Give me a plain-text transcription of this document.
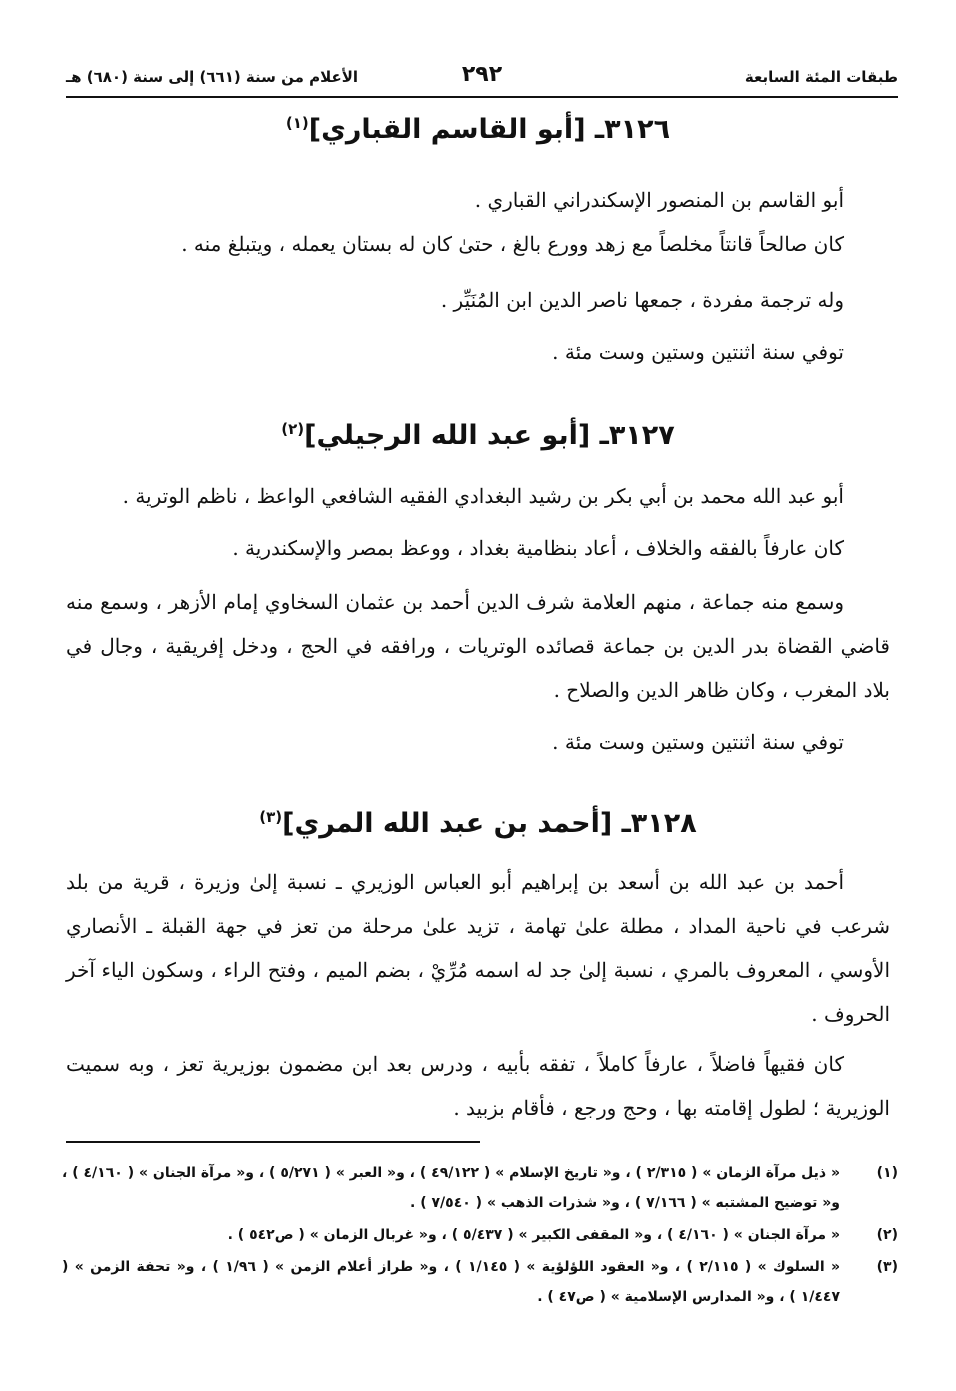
طبقات المئة السابعة
٢٩٢
الأعلام من سنة (٦٦١) إلى سنة (٦٨٠) هـ
٣١٢٦ـ [أبو القاسم القباري]$^{(١)}$

أبو القاسم بن المنصور الإسكندراني القباري .

كان صالحاً قانتاً مخلصاً مع زهد وورع بالغ ، حتىٰ كان له بستان يعمله ، ويتبلغ منه .

وله ترجمة مفردة ، جمعها ناصر الدين ابن المُنَيِّر .

توفي سنة اثنتين وستين وست مئة .

٣١٢٧ـ [أبو عبد الله الرجيلي]$^{(٢)}$

أبو عبد الله محمد بن أبي بكر بن رشيد البغدادي الفقيه الشافعي الواعظ ، ناظم الوترية .

كان عارفاً بالفقه والخلاف ، أعاد بنظامية بغداد ، ووعظ بمصر والإسكندرية .

وسمع منه جماعة ، منهم العلامة شرف الدين أحمد بن عثمان السخاوي إمام الأزهر ، وسمع منه قاضي القضاة بدر الدين بن جماعة قصائده الوتريات ، ورافقه في الحج ، ودخل إفريقية ، وجال في بلاد المغرب ، وكان ظاهر الدين والصلاح .

توفي سنة اثنتين وستين وست مئة .

٣١٢٨ـ [أحمد بن عبد الله المري]$^{(٣)}$

أحمد بن عبد الله بن أسعد بن إبراهيم أبو العباس الوزيري ـ نسبة إلىٰ وزيرة ، قرية من بلد شرعب في ناحية المداد ، مطلة علىٰ تهامة ، تزيد علىٰ مرحلة من تعز في جهة القبلة ـ الأنصاري الأوسي ، المعروف بالمري ، نسبة إلىٰ جد له اسمه مُرِّيْ ، بضم الميم ، وفتح الراء ، وسكون الياء آخر الحروف .

كان فقيهاً فاضلاً ، عارفاً كاملاً ، تفقه بأبيه ، ودرس بعد ابن مضمون بوزيرية تعز ، وبه سميت الوزيرية ؛ لطول إقامته بها ، وحج ورجع ، فأقام بزبيد .

(١)
« ذيل مرآة الزمان » ( ٢/٣١٥ ) ، و« تاريخ الإسلام » ( ٤٩/١٢٢ ) ، و« العبر » ( ٥/٢٧١ ) ، و« مرآة الجنان » ( ٤/١٦٠ ) ، و« توضيح المشتبه » ( ٧/١٦٦ ) ، و« شذرات الذهب » ( ٧/٥٤٠ ) .
(٢)
« مرآة الجنان » ( ٤/١٦٠ ) ، و« المقفى الكبير » ( ٥/٤٣٧ ) ، و« غربال الزمان » ( ص٥٤٢ ) .
(٣)
« السلوك » ( ٢/١١٥ ) ، و« العقود اللؤلؤية » ( ١/١٤٥ ) ، و« طراز أعلام الزمن » ( ١/٩٦ ) ، و« تحفة الزمن » ( ١/٤٤٧ ) ، و« المدارس الإسلامية » ( ص٤٧ ) .
